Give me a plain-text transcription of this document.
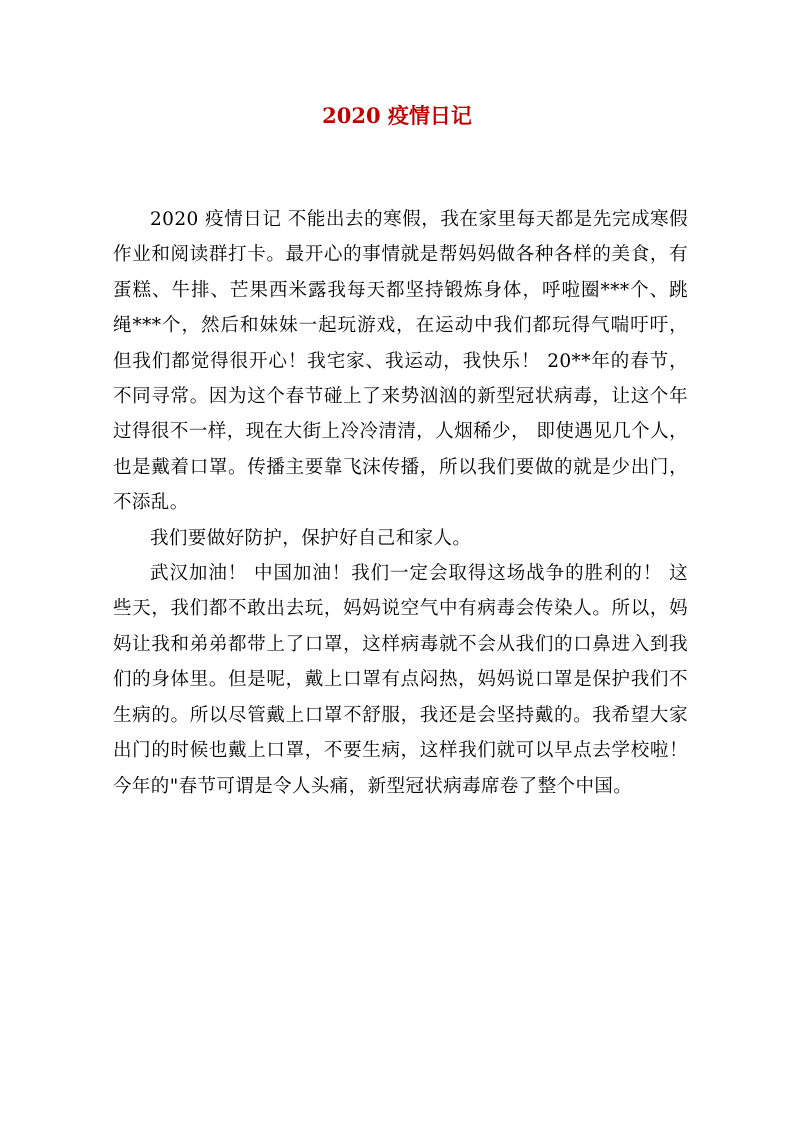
2020 疫情日记

2020 疫情日记 不能出去的寒假，我在家里每天都是先完成寒假作业和阅读群打卡。最开心的事情就是帮妈妈做各种各样的美食，有蛋糕、牛排、芒果西米露我每天都坚持锻炼身体，呼啦圈***个、跳绳***个，然后和妹妹一起玩游戏，在运动中我们都玩得气喘吁吁，但我们都觉得很开心！我宅家、我运动，我快乐！ 20**年的春节，不同寻常。因为这个春节碰上了来势汹汹的新型冠状病毒，让这个年过得很不一样，现在大街上冷冷清清，人烟稀少， 即使遇见几个人，也是戴着口罩。传播主要靠飞沫传播，所以我们要做的就是少出门，不添乱。

我们要做好防护，保护好自己和家人。

武汉加油！ 中国加油！我们一定会取得这场战争的胜利的！ 这些天，我们都不敢出去玩，妈妈说空气中有病毒会传染人。所以，妈妈让我和弟弟都带上了口罩，这样病毒就不会从我们的口鼻进入到我们的身体里。但是呢，戴上口罩有点闷热，妈妈说口罩是保护我们不生病的。所以尽管戴上口罩不舒服，我还是会坚持戴的。我希望大家出门的时候也戴上口罩，不要生病，这样我们就可以早点去学校啦！今年的"春节可谓是令人头痛，新型冠状病毒席卷了整个中国。
